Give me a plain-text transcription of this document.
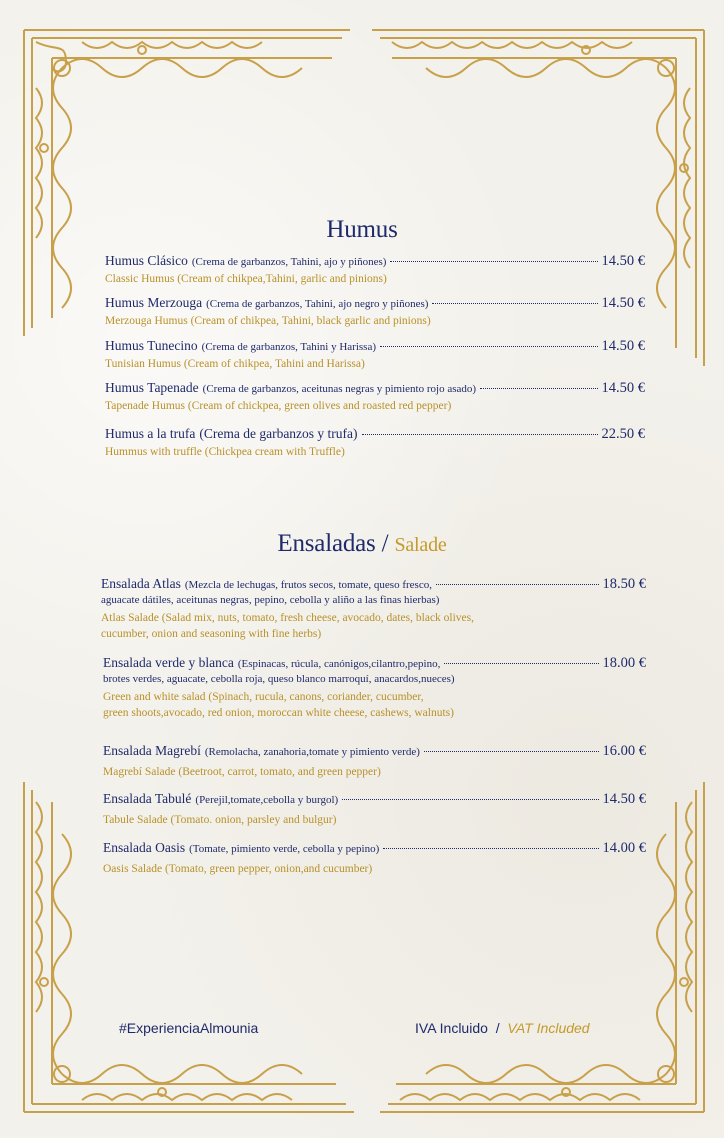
Humus
Humus Clásico
(Crema de garbanzos, Tahini, ajo y piñones)	14.50 €
Classic Humus (Cream of chikpea,Tahini, garlic and pinions)
Humus Merzouga
(Crema de garbanzos, Tahini, ajo negro y piñones)	14.50 €
Merzouga Humus (Cream of chikpea, Tahini, black garlic and pinions)
Humus Tunecino
(Crema de garbanzos, Tahini y Harissa)	14.50 €
Tunisian Humus (Cream of chikpea, Tahini and Harissa)
Humus Tapenade
(Crema de garbanzos, aceitunas negras y pimiento rojo asado)	14.50 €
Tapenade Humus (Cream of chickpea, green olives and roasted red pepper)
Humus a la trufa
(Crema de garbanzos y trufa)	22.50 €
Hummus with truffle (Chickpea cream with Truffle)
Ensaladas / Salade
Ensalada Atlas
(Mezcla de lechugas, frutos secos, tomate, queso fresco,	18.50 €
aguacate dátiles, aceitunas negras, pepino, cebolla y aliño a las finas hierbas)
Atlas Salade (Salad mix, nuts, tomato, fresh cheese, avocado, dates, black olives,
cucumber, onion and seasoning with fine herbs)
Ensalada verde y blanca
(Espinacas, rúcula, canónigos,cilantro,pepino,	18.00 €
brotes verdes, aguacate, cebolla roja, queso blanco marroquí, anacardos,nueces)
Green and white salad (Spinach, rucula, canons, coriander, cucumber,
green shoots,avocado, red onion, moroccan white cheese, cashews, walnuts)
Ensalada Magrebí
(Remolacha, zanahoria,tomate y pimiento verde)	16.00 €
Magrebí Salade (Beetroot, carrot, tomato, and green pepper)
Ensalada Tabulé
(Perejil,tomate,cebolla y burgol)	14.50 €
Tabule Salade (Tomato. onion, parsley and bulgur)
Ensalada Oasis
(Tomate, pimiento verde, cebolla y pepino)	14.00 €
Oasis Salade (Tomato, green pepper, onion,and cucumber)
#ExperienciaAlmounia	IVA Incluido / VAT Included
